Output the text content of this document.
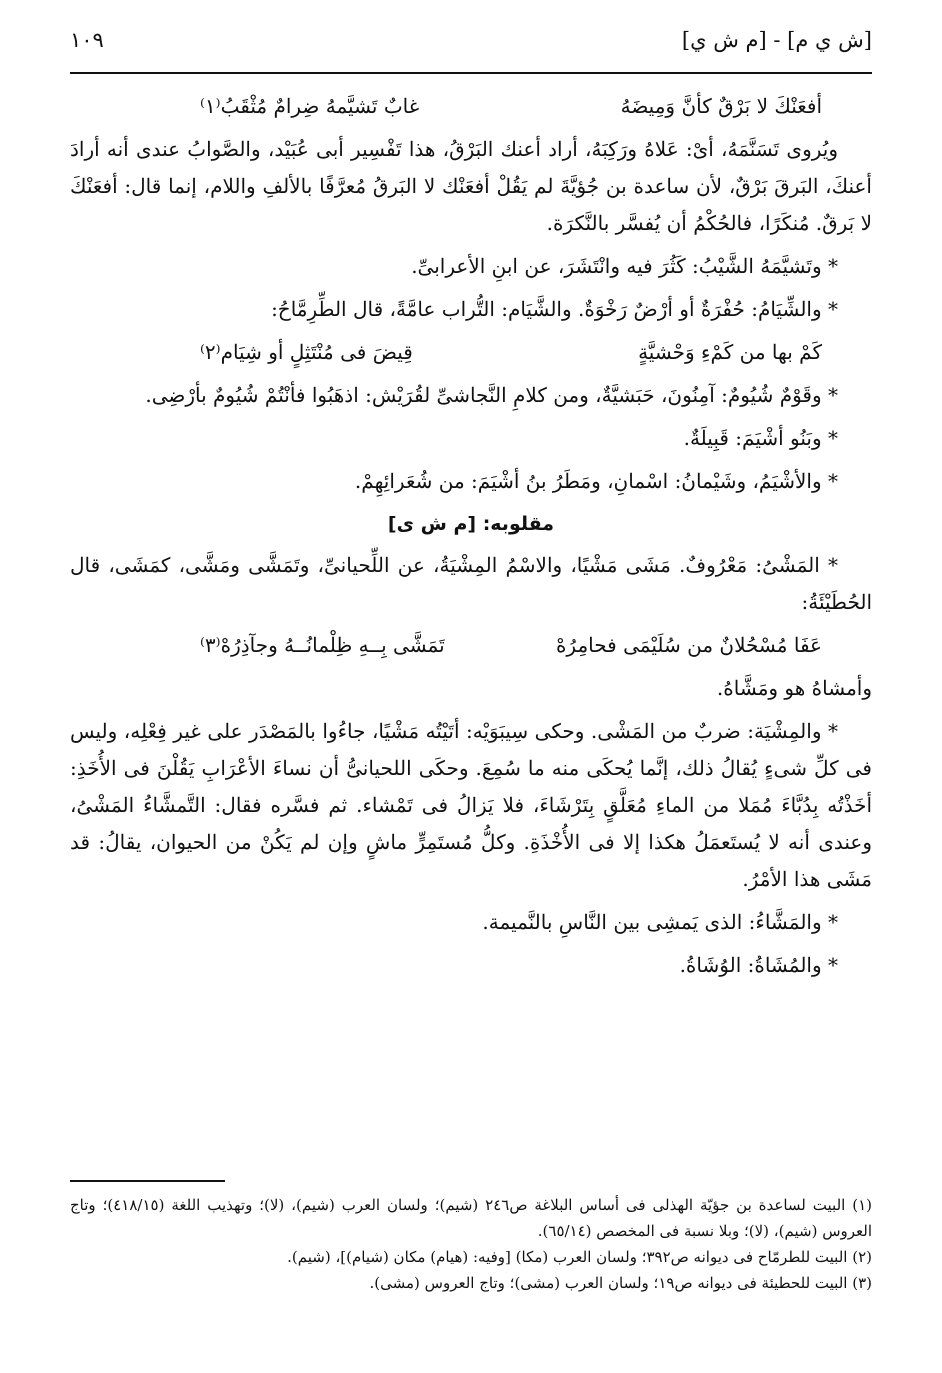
[ش ي م] - [م ش ي]
١٠٩
أفعَنْكَ لا بَرْقٌ كأنَّ وَمِيضَهُ
غابٌ تَشيَّمهُ ضِرامٌ مُثْقَبُ⁽١⁾

ويُروى تَسَنَّمَهُ، أىْ: عَلاهُ ورَكِبَهُ، أراد أعنك البَرْقُ، هذا تَفْسِير أبى عُبَيْد، والصَّوابُ عندى أنه أرادَ أعنكَ، البَرقَ بَرْقٌ، لأن ساعدة بن جُؤيَّةَ لم يَقُلْ أفعَنْك لا البَرقُ مُعرَّفًا بالألفِ واللام، إنما قال: أفعَنْكَ لا بَرقٌ. مُنكَرًا، فالحُكْمُ أن يُفسَّر بالنَّكرَة.

* وتَشيَّمَهُ الشَّيْبُ: كَثُرَ فيه وانْتَشَرَ، عن ابنِ الأعرابىِّ.

* والشِّيَامُ: حُفْرَةٌ أو أرْضٌ رَخْوَةٌ. والشَّيَام: التُّراب عامَّةً، قال الطِّرِمَّاحُ:

كَمْ بها من كَمْءِ وَحْشيَّةٍ
قِيضَ فى مُنْتَثِلٍ أو شِيَام⁽٢⁾

* وقَوْمٌ شُيُومٌ: آمِنُونَ، حَبَشيَّةٌ، ومن كلامِ النَّجاشىِّ لقُرَيْش: اذهَبُوا فأنْتُمْ شُيُومٌ بأرْضِى.

* وبَنُو أشْيَمَ: قَبِيلَةٌ.

* والأشْيَمُ، وشَيْمانُ: اسْمانِ، ومَطَرُ بنُ أشْيَمَ: من شُعَرائِهِمْ.

مقلوبه: [م ش ى]

* المَشْىُ: مَعْرُوفٌ. مَشَى مَشْيًا، والاسْمُ المِشْيَةُ، عن اللِّحيانىِّ، وتَمَشَّى ومَشَّى، كمَشَى، قال الحُطَيْئَةُ:

عَفَا مُسْحُلانٌ من سُلَيْمَى فحامِرُهْ
تَمَشَّى بِــهِ ظِلْمانُــهُ وجآذِرُهْ⁽٣⁾

وأمشاهُ هو ومَشَّاهُ.

* والمِشْيَة: ضربٌ من المَشْى. وحكى سِيبَوَيْه: أتَيْتُه مَشْيًا، جاءُوا بالمَصْدَر على غير فِعْلِه، وليس فى كلِّ شىءٍ يُقالُ ذلك، إنَّما يُحكَى منه ما سُمِعَ. وحكَى اللحيانىُّ أن نساءَ الأعْرَابِ يَقُلْنَ فى الأُخَذِ: أخَذْتُه بِدُبَّاءَ مُمَلا من الماءِ مُعَلَّقٍ بِتَرْشَاءَ، فلا يَزالُ فى تَمْشاء. ثم فسَّره فقال: التَّمشَّاءُ المَشْىُ، وعندى أنه لا يُستَعمَلُ هكذا إلا فى الأُخْذَةِ. وكلُّ مُستَمِرٍّ ماشٍ وإن لم يَكُنْ من الحيوان، يقالُ: قد مَشَى هذا الأمْرُ.

* والمَشَّاءُ: الذى يَمشِى بين النَّاسِ بالنَّميمة.

* والمُشَاةُ: الوُشَاةُ.

(١) البيت لساعدة بن جؤيّة الهذلى فى أساس البلاغة ص٢٤٦ (شيم)؛ ولسان العرب (شيم)، (لا)؛ وتهذيب اللغة (٤١٨/١٥)؛ وتاج العروس (شيم)، (لا)؛ وبلا نسبة فى المخصص (٦٥/١٤).

(٢) البيت للطرمّاح فى ديوانه ص٣٩٢؛ ولسان العرب (مكا) [وفيه: (هيام) مكان (شيام)]، (شيم).

(٣) البيت للحطيئة فى ديوانه ص١٩؛ ولسان العرب (مشى)؛ وتاج العروس (مشى).
